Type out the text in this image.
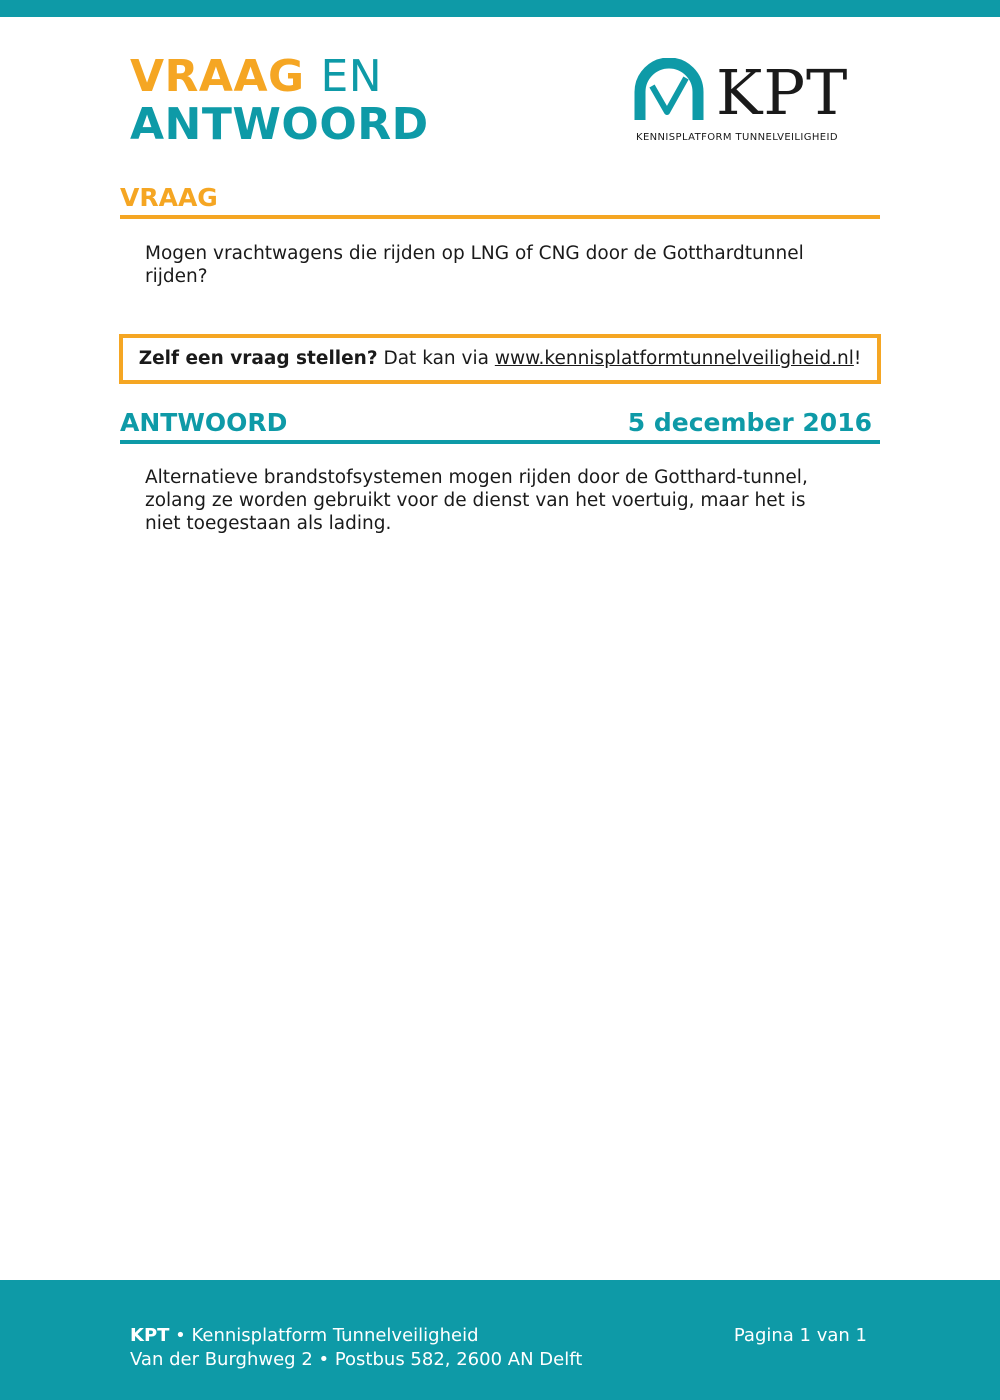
VRAAG EN
ANTWOORD	KPT
KENNISPLATFORM TUNNELVEILIGHEID
VRAAG
Mogen vrachtwagens die rijden op LNG of CNG door de Gotthardtunnel rijden?
Zelf een vraag stellen? Dat kan via www.kennisplatformtunnelveiligheid.nl!
ANTWOORD	5 december 2016
Alternatieve brandstofsystemen mogen rijden door de Gotthard-tunnel, zolang ze worden gebruikt voor de dienst van het voertuig, maar het is niet toegestaan als lading.
KPT • Kennisplatform Tunnelveiligheid
Van der Burghweg 2 • Postbus 582, 2600 AN Delft
Pagina 1 van 1
